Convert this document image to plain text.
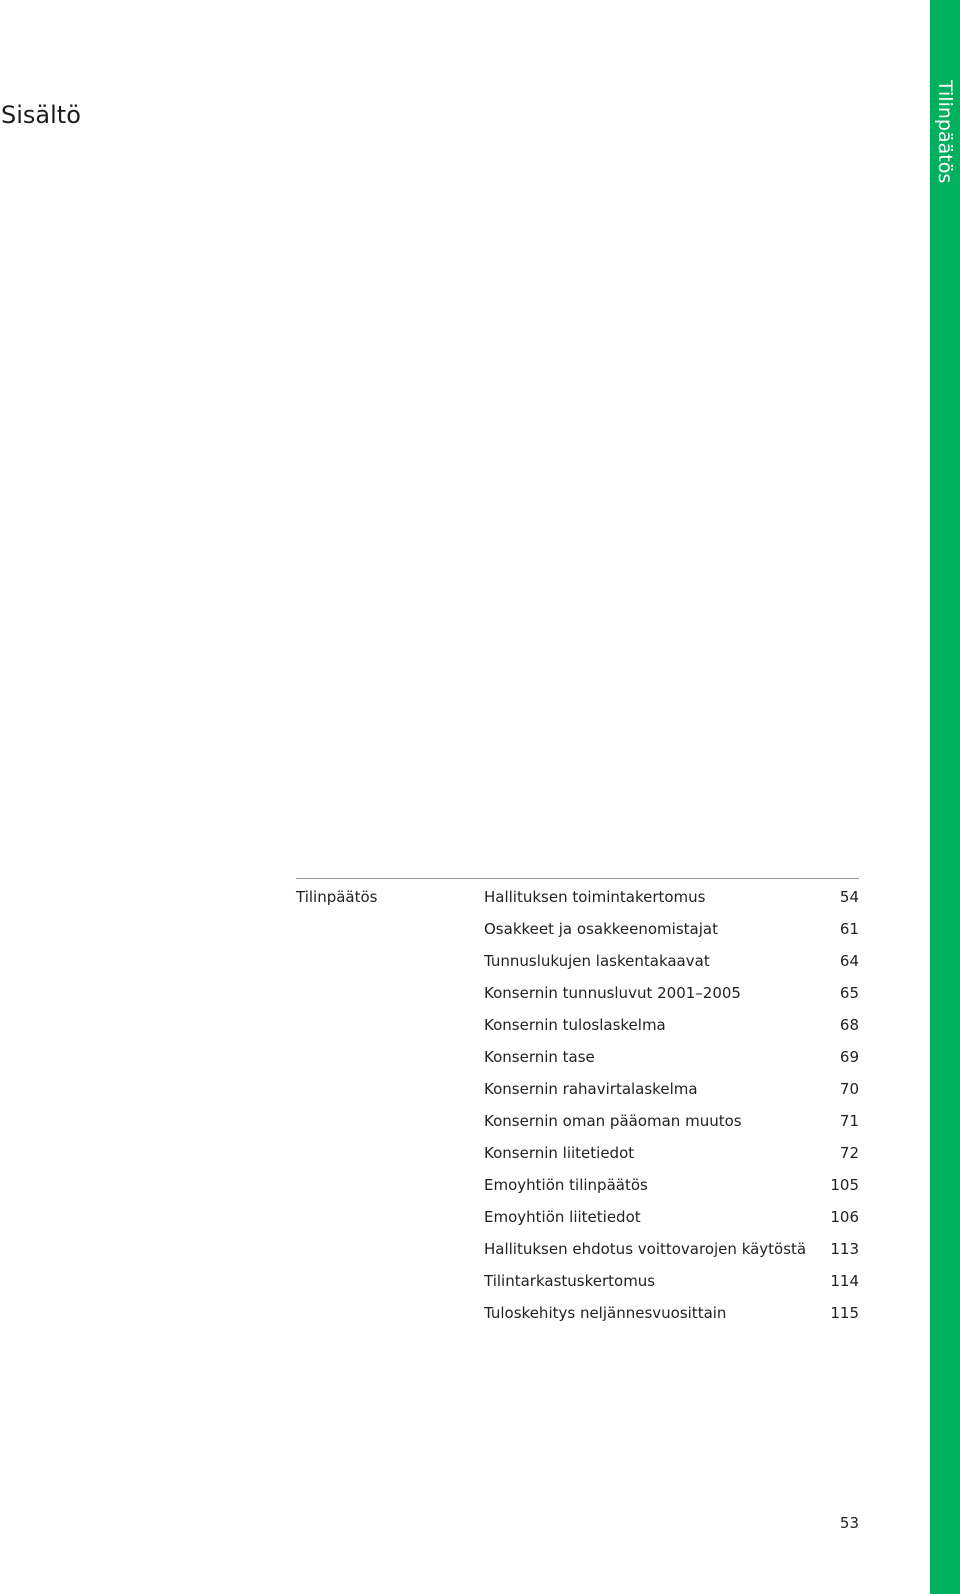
Sisältö	Tilinpäätös
Tilinpäätös	Hallituksen toimintakertomus	54
Osakkeet ja osakkeenomistajat	61
Tunnuslukujen laskentakaavat	64
Konsernin tunnusluvut 2001–2005	65
Konsernin tuloslaskelma	68
Konsernin tase	69
Konsernin rahavirtalaskelma	70
Konsernin oman pääoman muutos	71
Konsernin liitetiedot	72
Emoyhtiön tilinpäätös	105
Emoyhtiön liitetiedot	106
Hallituksen ehdotus voittovarojen käytöstä 113
Tilintarkastuskertomus	114
Tuloskehitys neljännesvuosittain	115
53
